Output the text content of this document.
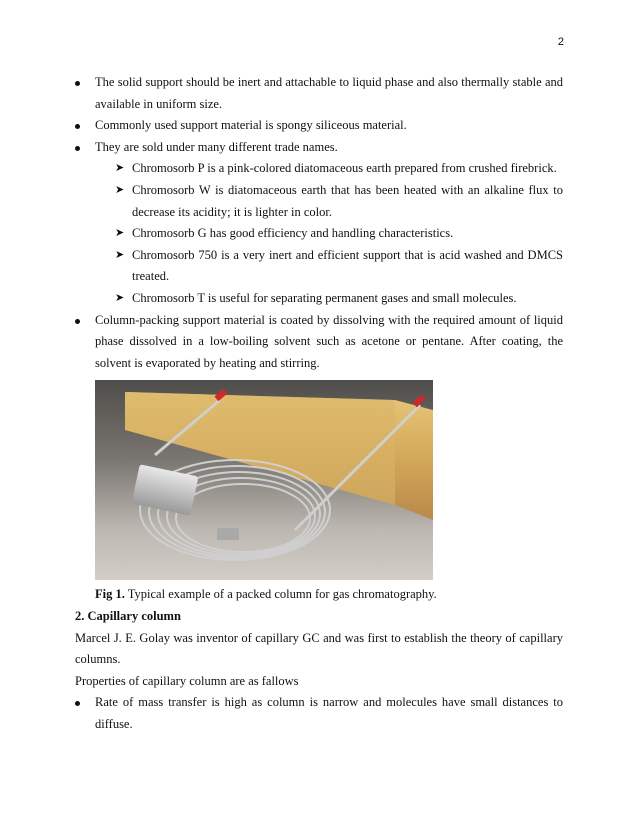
2
The solid support should be inert and attachable to liquid phase and also thermally stable and available in uniform size.
Commonly used support material is spongy siliceous material.
They are sold under many different trade names.
➤ Chromosorb P is a pink-colored diatomaceous earth prepared from crushed firebrick.
➤ Chromosorb W is diatomaceous earth that has been heated with an alkaline flux to decrease its acidity; it is lighter in color.
➤ Chromosorb G has good efficiency and handling characteristics.
➤ Chromosorb 750 is a very inert and efficient support that is acid washed and DMCS treated.
➤ Chromosorb T is useful for separating permanent gases and small molecules.
Column-packing support material is coated by dissolving with the required amount of liquid phase dissolved in a low-boiling solvent such as acetone or pentane. After coating, the solvent is evaporated by heating and stirring.
Fig 1. Typical example of a packed column for gas chromatography.
2. Capillary column
Marcel J. E. Golay was inventor of capillary GC and was first to establish the theory of capillary columns.
Properties of capillary column are as fallows
Rate of mass transfer is high as column is narrow and molecules have small distances to diffuse.
